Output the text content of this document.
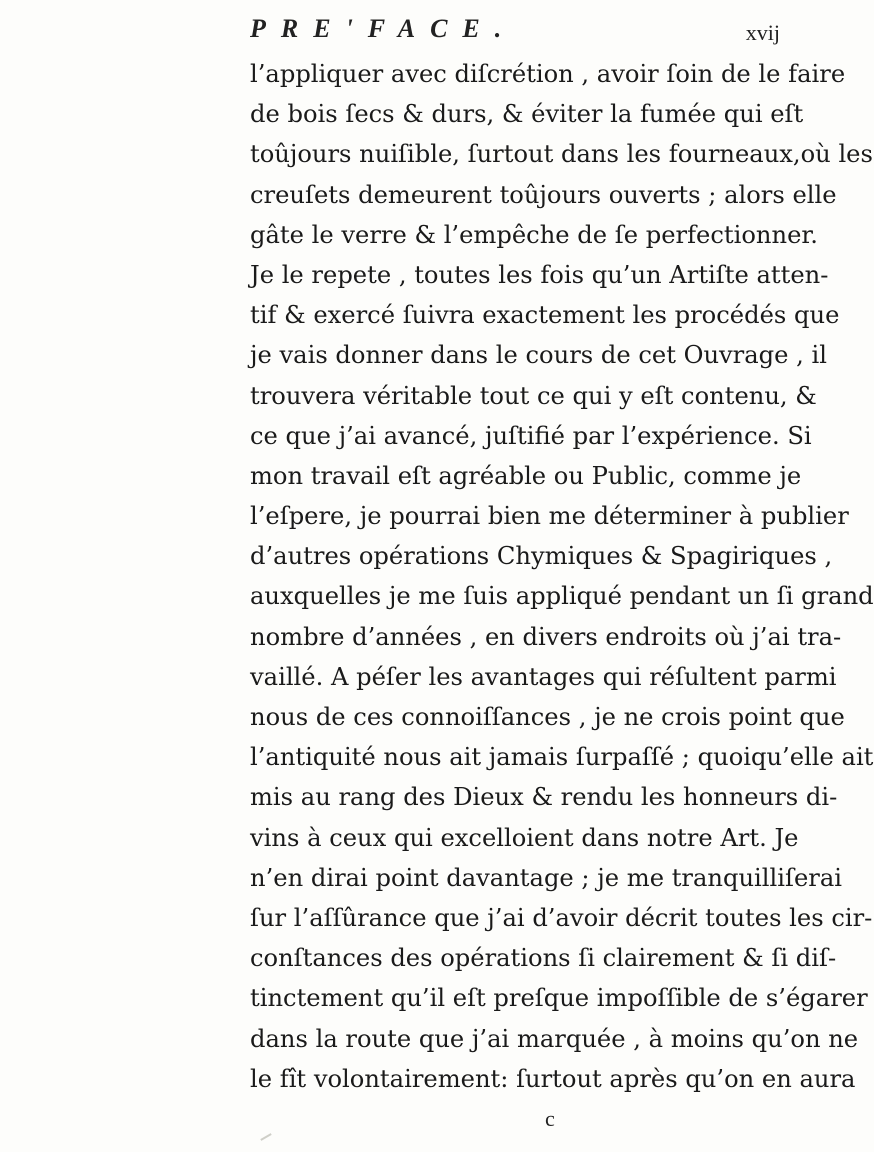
PRE'FACE.	xvij
l’appliquer avec diſcrétion , avoir ſoin de le faire
de bois ſecs & durs, & éviter la fumée qui eſt
toûjours nuiſible, ſurtout dans les fourneaux,où les
creuſets demeurent toûjours ouverts ; alors elle
gâte le verre & l’empêche de ſe perfectionner.
Je le repete , toutes les fois qu’un Artiſte atten-
tif & exercé ſuivra exactement les procédés que
je vais donner dans le cours de cet Ouvrage , il
trouvera véritable tout ce qui y eſt contenu, &
ce que j’ai avancé, juſtifié par l’expérience. Si
mon travail eſt agréable ou Public, comme je
l’eſpere, je pourrai bien me déterminer à publier
d’autres opérations Chymiques & Spagiriques ,
auxquelles je me ſuis appliqué pendant un ſi grand
nombre d’années , en divers endroits où j’ai tra-
vaillé. A péſer les avantages qui réſultent parmi
nous de ces connoiſſances , je ne crois point que
l’antiquité nous ait jamais ſurpaſſé ; quoiqu’elle ait
mis au rang des Dieux & rendu les honneurs di-
vins à ceux qui excelloient dans notre Art. Je
n’en dirai point davantage ; je me tranquilliſerai
ſur l’aſſûrance que j’ai d’avoir décrit toutes les cir-
conſtances des opérations ſi clairement & ſi diſ-
tinctement qu’il eſt preſque impoſſible de s’égarer
dans la route que j’ai marquée , à moins qu’on ne
le fît volontairement: ſurtout après qu’on en aura
c
